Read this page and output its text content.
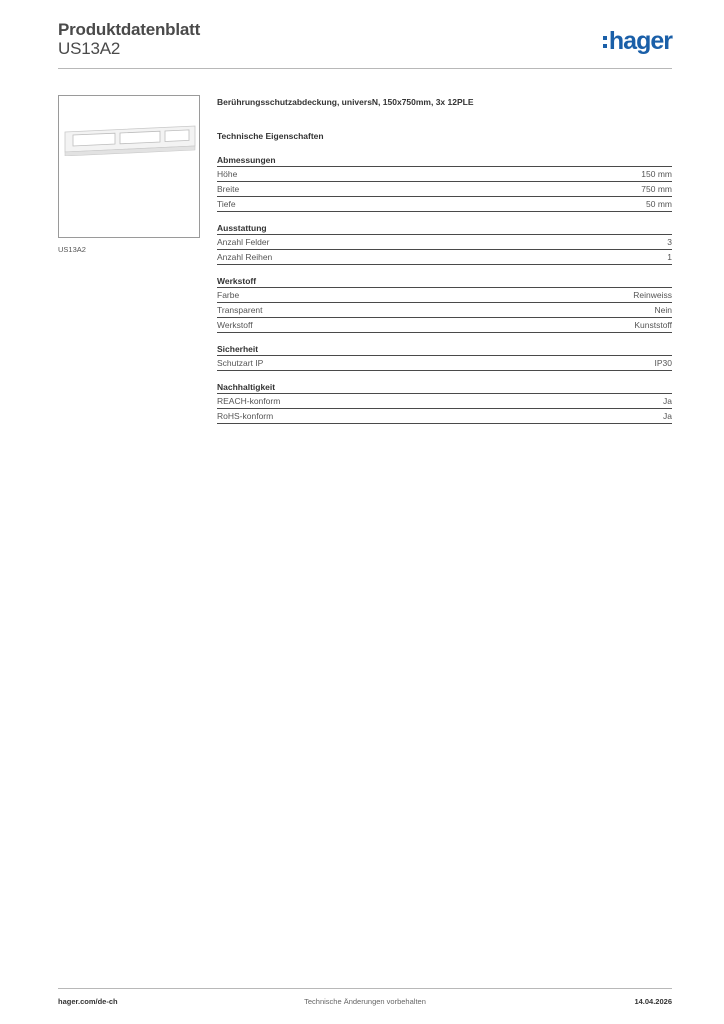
Produktdatenblatt
US13A2	hager
US13A2
Berührungsschutzabdeckung, universN, 150x750mm, 3x 12PLE
Technische Eigenschaften
Abmessungen
Höhe	150 mm
Breite	750 mm
Tiefe	50 mm
Ausstattung
Anzahl Felder	3
Anzahl Reihen	1
Werkstoff
Farbe	Reinweiss
Transparent	Nein
Werkstoff	Kunststoff
Sicherheit
Schutzart IP	IP30
Nachhaltigkeit
REACH-konform	Ja
RoHS-konform	Ja
hager.com/de-ch	Technische Änderungen vorbehalten	14.04.2026
